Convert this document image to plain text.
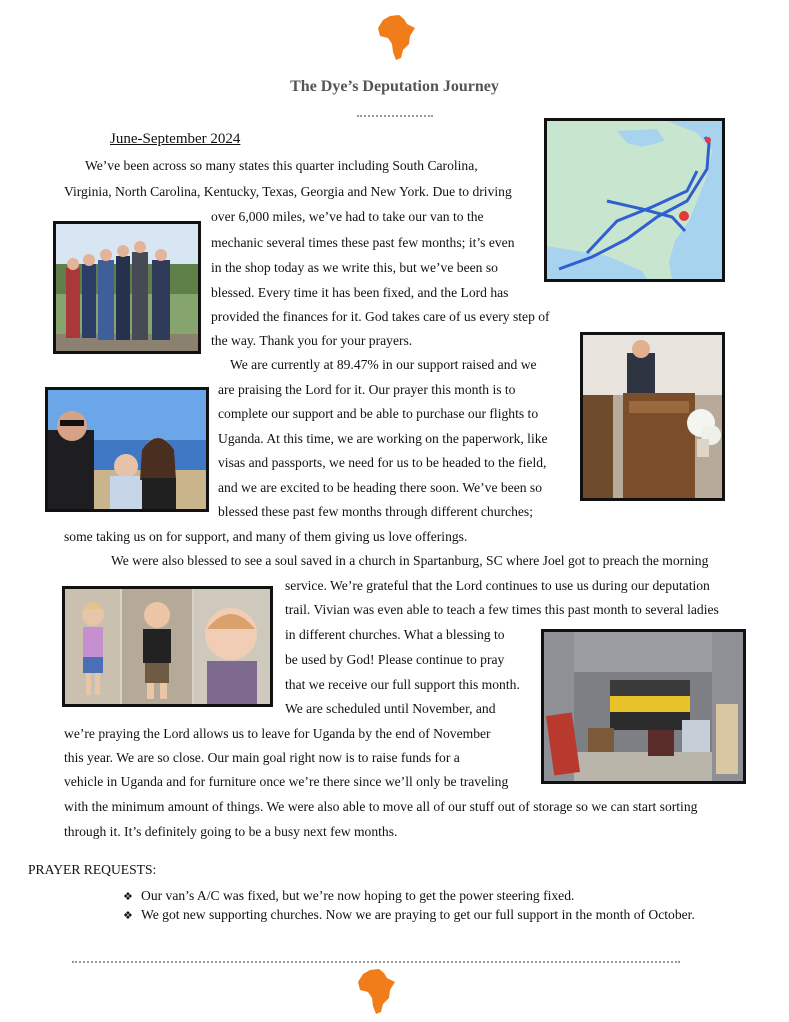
The Dye’s Deputation Journey
June-September 2024
We’ve been across so many states this quarter including South Carolina,
Virginia, North Carolina, Kentucky, Texas, Georgia and New York. Due to driving
over 6,000 miles, we’ve had to take our van to the
mechanic several times these past few months; it’s even
in the shop today as we write this, but we’ve been so
blessed. Every time it has been fixed, and the Lord has
provided the finances for it. God takes care of us every step of
the way. Thank you for your prayers.
We are currently at 89.47% in our support raised and we
are praising the Lord for it. Our prayer this month is to
complete our support and be able to purchase our flights to
Uganda. At this time, we are working on the paperwork, like
visas and passports, we need for us to be headed to the field,
and we are excited to be heading there soon. We’ve been so
blessed these past few months through different churches;
some taking us on for support, and many of them giving us love offerings.
We were also blessed to see a soul saved in a church in Spartanburg, SC where Joel got to preach the morning
service. We’re grateful that the Lord continues to use us during our deputation
trail. Vivian was even able to teach a few times this past month to several ladies
in different churches. What a blessing to
be used by God! Please continue to pray
that we receive our full support this month.
We are scheduled until November, and
we’re praying the Lord allows us to leave for Uganda by the end of November
this year. We are so close. Our main goal right now is to raise funds for a
vehicle in Uganda and for furniture once we’re there since we’ll only be traveling
with the minimum amount of things. We were also able to move all of our stuff out of storage so we can start sorting
through it. It’s definitely going to be a busy next few months.
PRAYER REQUESTS:
❖ Our van’s A/C was fixed, but we’re now hoping to get the power steering fixed.
❖ We got new supporting churches. Now we are praying to get our full support in the month of October.
